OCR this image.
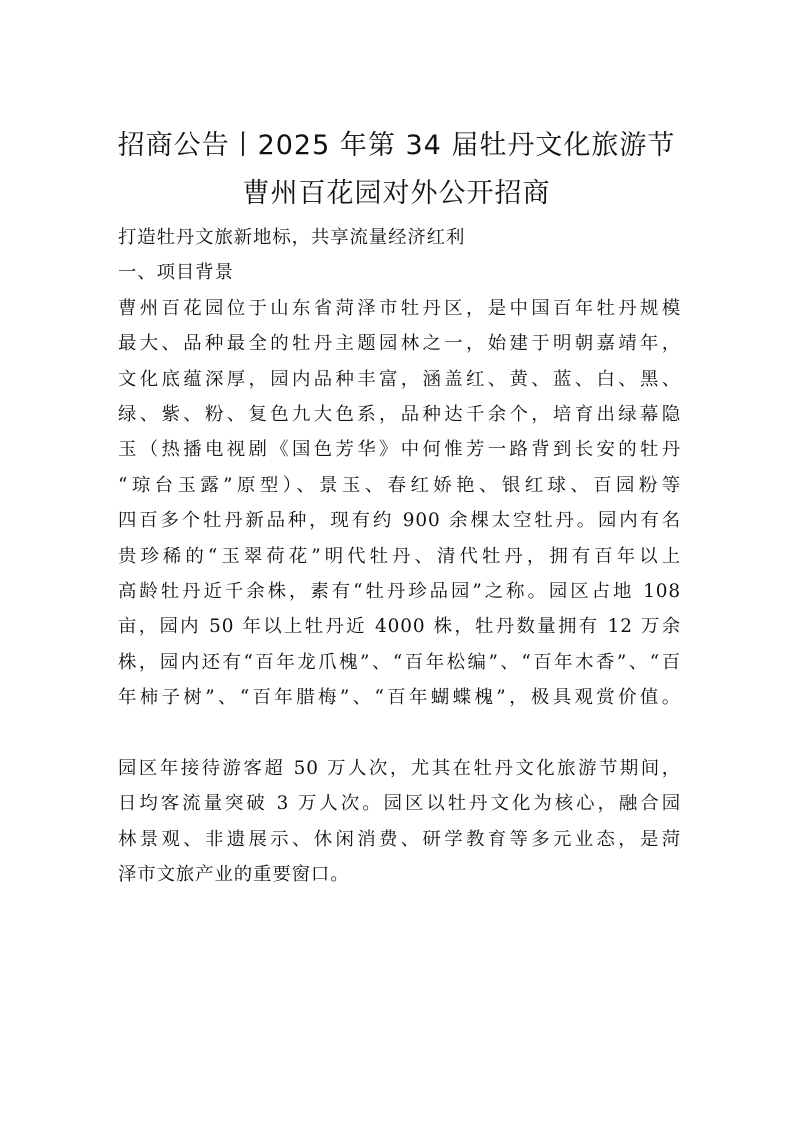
招商公告丨2025 年第 34 届牡丹文化旅游节

曹州百花园对外公开招商

打造牡丹文旅新地标，共享流量经济红利

一、项目背景

曹州百花园位于山东省菏泽市牡丹区，是中国百年牡丹规模

最大、品种最全的牡丹主题园林之一，始建于明朝嘉靖年，

文化底蕴深厚，园内品种丰富，涵盖红、黄、蓝、白、黑、

绿、紫、粉、复色九大色系，品种达千余个，培育出绿幕隐

玉（热播电视剧《国色芳华》中何惟芳一路背到长安的牡丹

“琼台玉露”原型）、景玉、春红娇艳、银红球、百园粉等

四百多个牡丹新品种，现有约 900 余棵太空牡丹。园内有名

贵珍稀的“玉翠荷花”明代牡丹、清代牡丹，拥有百年以上

高龄牡丹近千余株，素有“牡丹珍品园”之称。园区占地 108

亩，园内 50 年以上牡丹近 4000 株，牡丹数量拥有 12 万余

株，园内还有“百年龙爪槐”、“百年松编”、“百年木香”、“百

年柿子树”、“百年腊梅”、“百年蝴蝶槐”，极具观赏价值。

园区年接待游客超 50 万人次，尤其在牡丹文化旅游节期间，

日均客流量突破 3 万人次。园区以牡丹文化为核心，融合园

林景观、非遗展示、休闲消费、研学教育等多元业态，是菏

泽市文旅产业的重要窗口。
